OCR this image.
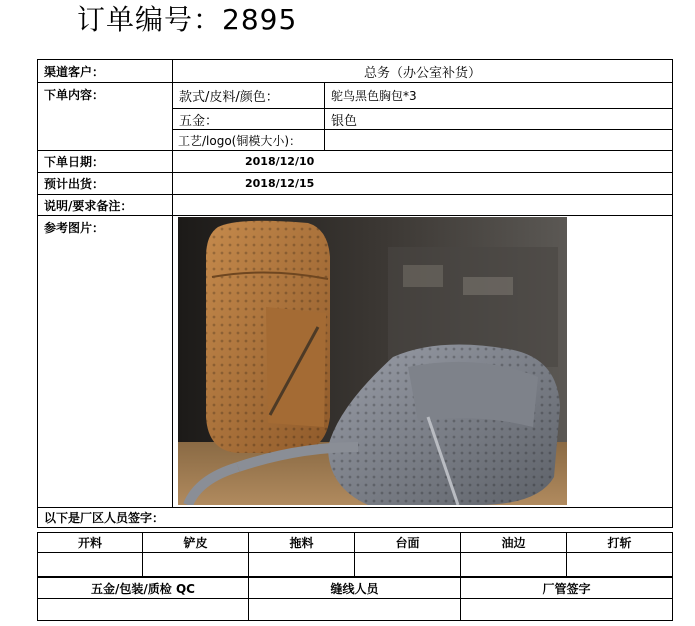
订单编号：2895
渠道客户：	总务（办公室补货）	
下单内容：	款式/皮料/颜色：	鸵鸟黑色胸包*3
	五金：	银色
	工艺/logo(铜模大小)：	
下单日期：	2018/12/10	
预计出货：	2018/12/15	
说明/要求备注：		
参考图片：	

以下是厂区人员签字：		
开料	铲皮	拖料	台面	油边	打斩

五金/包装/质检 QC	缝线人员	厂管签字
